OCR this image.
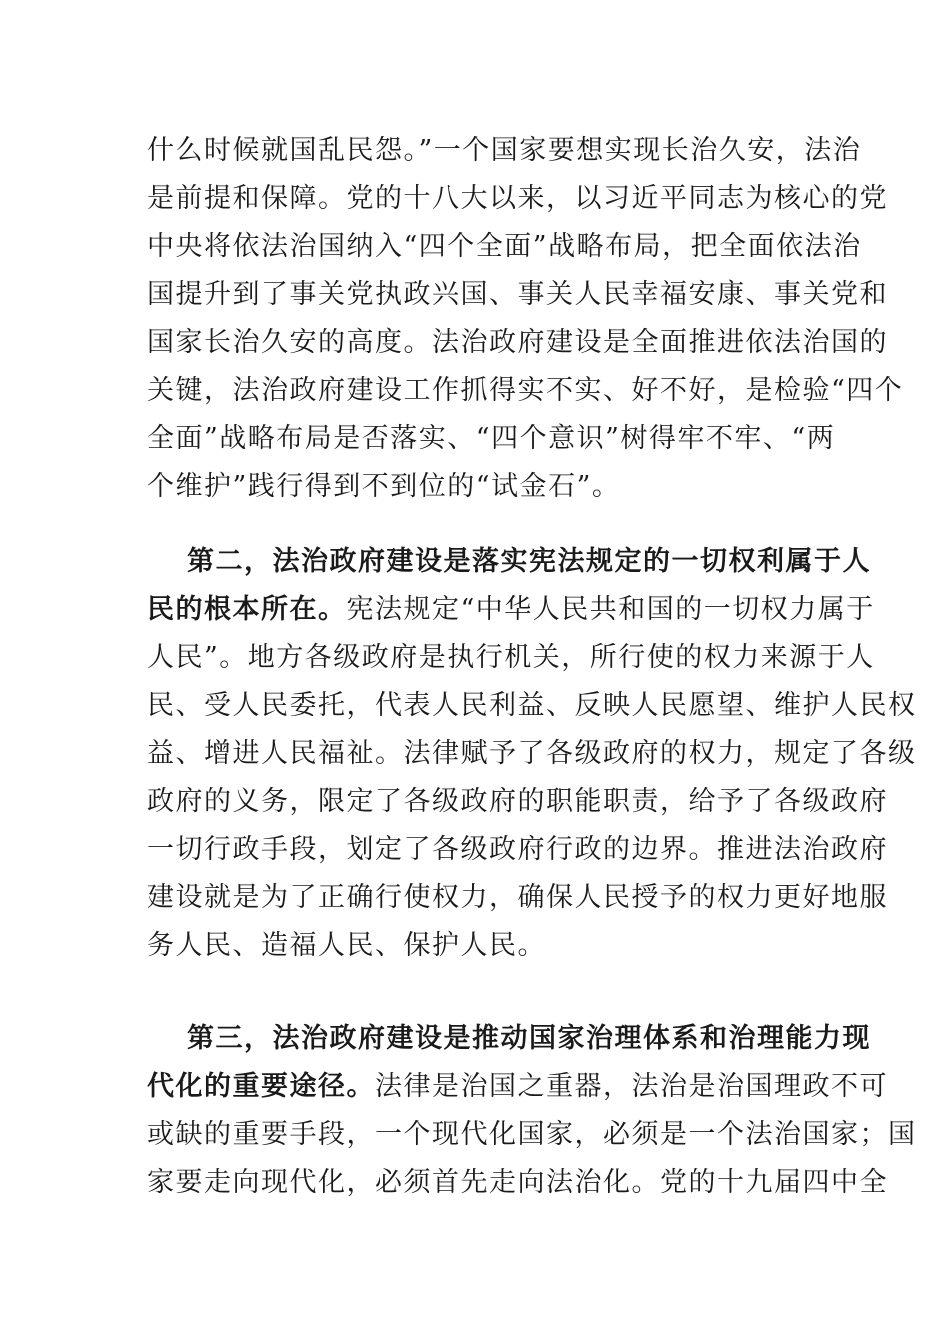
什么时候就国乱民怨。”一个国家要想实现长治久安，法治
是前提和保障。党的十八大以来，以习近平同志为核心的党
中央将依法治国纳入“四个全面”战略布局，把全面依法治
国提升到了事关党执政兴国、事关人民幸福安康、事关党和
国家长治久安的高度。法治政府建设是全面推进依法治国的
关键，法治政府建设工作抓得实不实、好不好，是检验“四个
全面”战略布局是否落实、“四个意识”树得牢不牢、“两
个维护”践行得到不到位的“试金石”。
第二，法治政府建设是落实宪法规定的一切权利属于人
民的根本所在。宪法规定“中华人民共和国的一切权力属于
人民”。地方各级政府是执行机关，所行使的权力来源于人
民、受人民委托，代表人民利益、反映人民愿望、维护人民权
益、增进人民福祉。法律赋予了各级政府的权力，规定了各级
政府的义务，限定了各级政府的职能职责，给予了各级政府
一切行政手段，划定了各级政府行政的边界。推进法治政府
建设就是为了正确行使权力，确保人民授予的权力更好地服
务人民、造福人民、保护人民。
第三，法治政府建设是推动国家治理体系和治理能力现
代化的重要途径。法律是治国之重器，法治是治国理政不可
或缺的重要手段，一个现代化国家，必须是一个法治国家；国
家要走向现代化，必须首先走向法治化。党的十九届四中全
